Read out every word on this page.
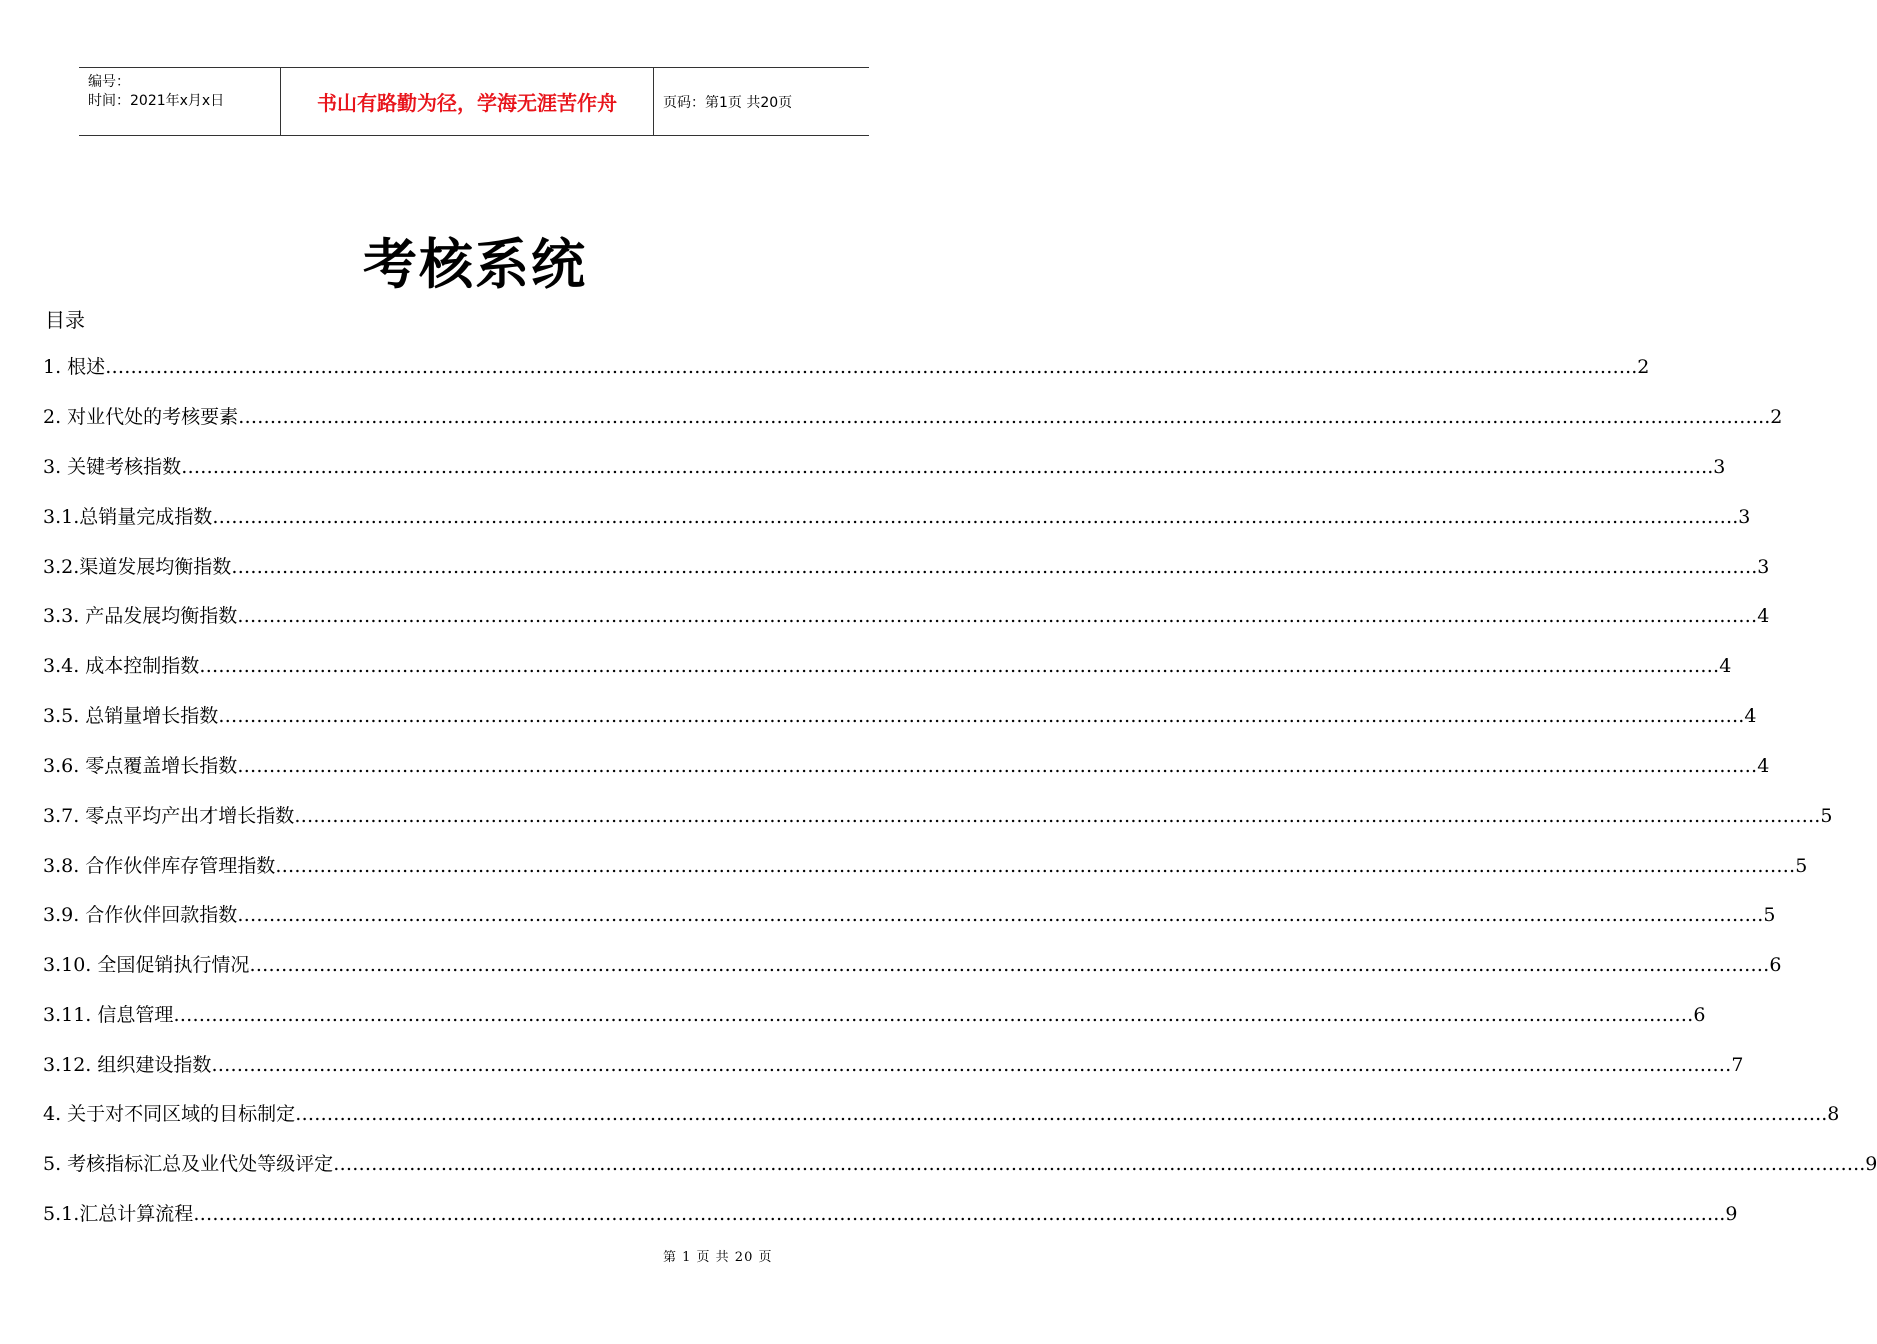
编号：
时间：2021年x月x日	书山有路勤为径，学海无涯苦作舟	页码：第1页 共20页
考核系统
目录
1. 根述 …………………………………………………………………………………………………………………………………………………………………………………………………………………… ..2
2. 对业代处的考核要素 …………………………………………………………………………………………………………………………………………………………………………………………………………………… ..2
3. 关键考核指数 …………………………………………………………………………………………………………………………………………………………………………………………………………………… ..3
3.1.总销量完成指数 …………………………………………………………………………………………………………………………………………………………………………………………………………………… .3
3.2.渠道发展均衡指数 …………………………………………………………………………………………………………………………………………………………………………………………………………………… .3
3.3. 产品发展均衡指数 …………………………………………………………………………………………………………………………………………………………………………………………………………………… 4
3.4. 成本控制指数 …………………………………………………………………………………………………………………………………………………………………………………………………………………… 4
3.5. 总销量增长指数 …………………………………………………………………………………………………………………………………………………………………………………………………………………… .4
3.6. 零点覆盖增长指数 …………………………………………………………………………………………………………………………………………………………………………………………………………………… 4
3.7. 零点平均产出才增长指数 …………………………………………………………………………………………………………………………………………………………………………………………………………………… .5
3.8. 合作伙伴库存管理指数 …………………………………………………………………………………………………………………………………………………………………………………………………………………… 5
3.9. 合作伙伴回款指数 …………………………………………………………………………………………………………………………………………………………………………………………………………………… .5
3.10. 全国促销执行情况 …………………………………………………………………………………………………………………………………………………………………………………………………………………… 6
3.11. 信息管理 …………………………………………………………………………………………………………………………………………………………………………………………………………………… 6
3.12. 组织建设指数 …………………………………………………………………………………………………………………………………………………………………………………………………………………… 7
4. 关于对不同区域的目标制定 …………………………………………………………………………………………………………………………………………………………………………………………………………………… ..8
5. 考核指标汇总及业代处等级评定 …………………………………………………………………………………………………………………………………………………………………………………………………………………… ..9
5.1.汇总计算流程 …………………………………………………………………………………………………………………………………………………………………………………………………………………… ..9
第 1 页 共 20 页
